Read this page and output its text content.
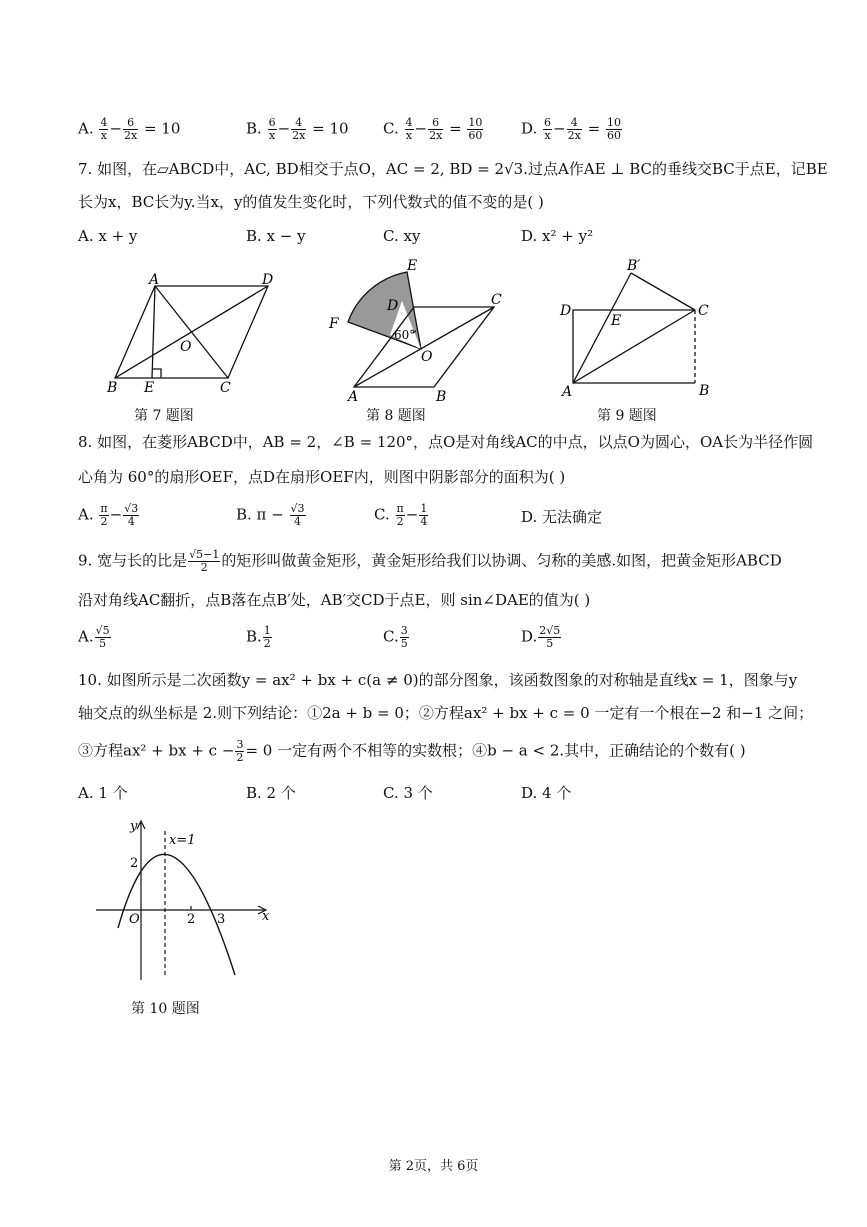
A. $\frac{4}{x} - \frac{6}{2x} = 10$	B. $\frac{6}{x} - \frac{4}{2x} = 10$ C. $\frac{4}{x} - \frac{6}{2x} = \frac{10}{60}$	D. $\frac{6}{x} - \frac{4}{2x} = \frac{10}{60}$
7. 如图，在▱ABCD中，AC, BD相交于点O，AC = 2, BD = 2√3.过点A作AE ⊥ BC的垂线交BC于点E，记BE
长为x，BC长为y.当x，y的值发生变化时，下列代数式的值不变的是( )
A. x + y	B. x − y	C. xy	D. x² + y²
A	D
B E	C
O
第 7 题图
E
F
D	C
O
60°
A	B
第 8 题图
B′
D
E
C
A	B
第 9 题图
8. 如图，在菱形ABCD中，AB = 2，∠B = 120°，点O是对角线AC的中点，以点O为圆心，OA长为半径作圆
心角为 60°的扇形OEF，点D在扇形OEF内，则图中阴影部分的面积为( )
A. $\frac{\pi}{2} - \frac{√3}{4}$	B. $\pi - \frac{√3}{4}$	C. $\frac{\pi}{2} - \frac{1}{4}$	D. 无法确定
9. 宽与长的比是 $\frac{√5-1}{2}$ 的矩形叫做黄金矩形，黄金矩形给我们以协调、匀称的美感.如图，把黄金矩形ABCD
沿对角线AC翻折，点B落在点B′处，AB′交CD于点E，则 sin∠DAE的值为( )
A. $\frac{√5}{5}$	B. $\frac{1}{2}$	C. $\frac{3}{5}$	D. $\frac{2√5}{5}$
10. 如图所示是二次函数y = ax² + bx + c(a ≠ 0)的部分图象，该函数图象的对称轴是直线x = 1，图象与y
轴交点的纵坐标是 2.则下列结论：①2a + b = 0；②方程ax² + bx + c = 0 一定有一个根在−2 和−1 之间；
③方程ax² + bx + $c - \frac{3}{2} = 0$ 一定有两个不相等的实数根；④b − a < 2.其中，正确结论的个数有( )
A. 1 个	B. 2 个	C. 3 个	D. 4 个
y
x
O
2
2 3
x=1
第 10 题图
第 2页，共 6页
